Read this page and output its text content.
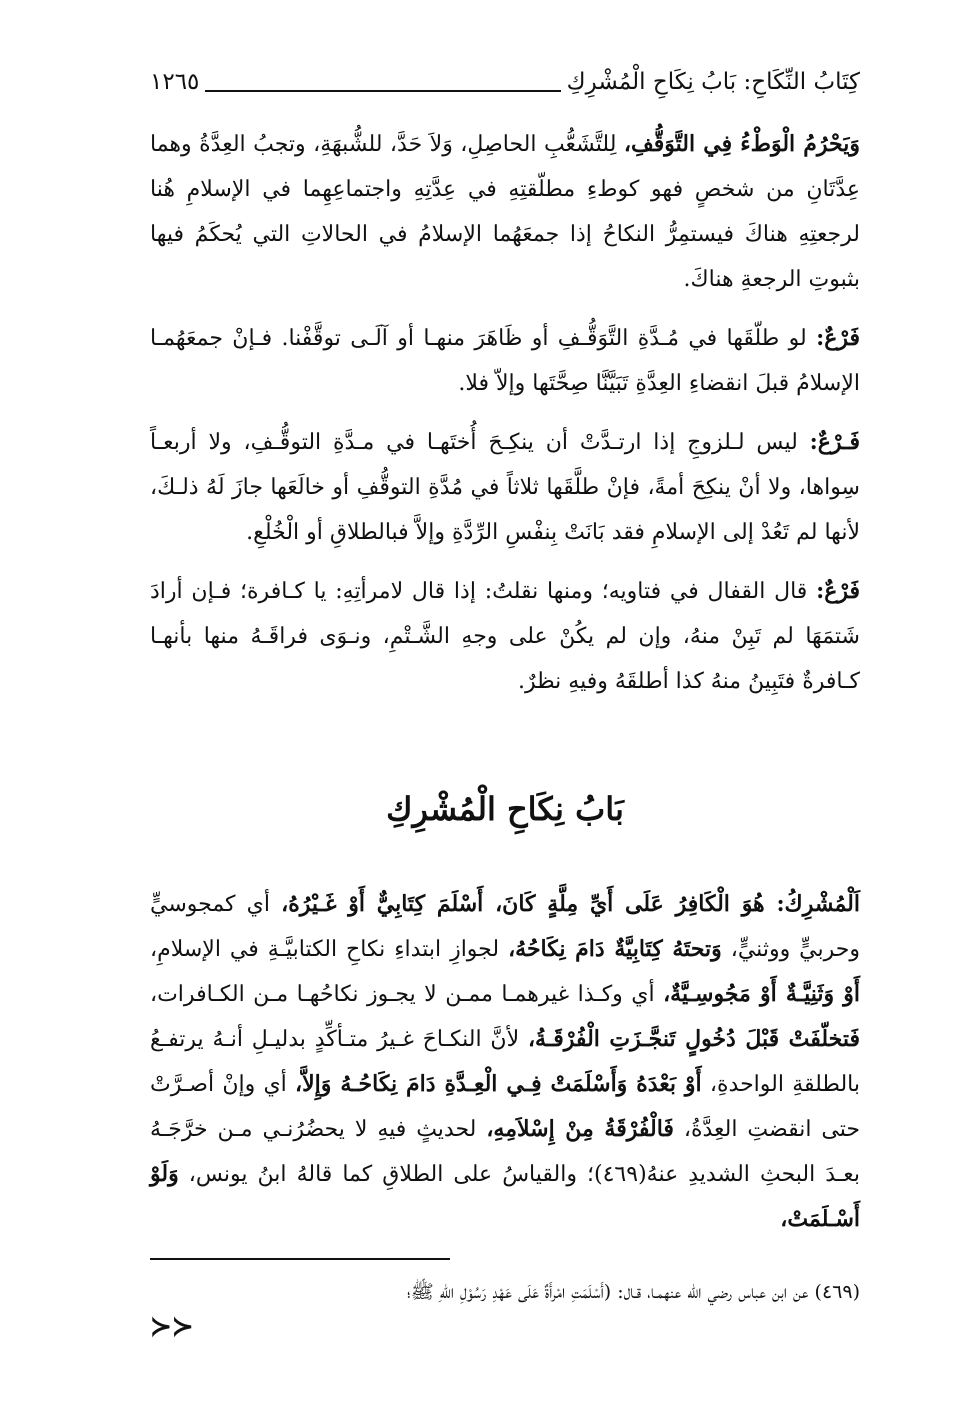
كِتَابُ النِّكَاحِ: بَابُ نِكَاحِ الْمُشْرِكِ
١٢٦٥

وَيَحْرُمُ الْوَطْءُ فِي التَّوَقُّفِ، لِلتَّشَعُّبِ الحاصِلِ، وَلاَ حَدَّ، للشُّبهَةِ، وتجبُ العِدَّةُ وهما عِدَّتَانِ من شخصٍ فهو كوطءِ مطلّقتِهِ في عِدَّتِهِ واجتماعِهِما في الإسلامِ هُنا لرجعتِهِ هناكَ فيستمِرُّ النكاحُ إذا جمعَهُما الإسلامُ في الحالاتِ التي يُحكَمُ فيها بثبوتِ الرجعةِ هناكَ.

فَرْعٌ: لو طلّقَها في مُـدَّةِ التَّوَقُّـفِ أو ظَاهَرَ منهـا أو آلَـى توقَّفْنا. فـإنْ جمعَهُمـا الإسلامُ قبلَ انقضاءِ العِدَّةِ تَبَيَّنَّا صِحَّتَها وإلاّ فلا.

فَـرْعٌ: ليس لـلزوجِ إذا ارتـدَّتْ أن ينكِـحَ أُختَهـا في مـدَّةِ التوقُّـفِ، ولا أربعـاً سِواها، ولا أنْ ينكِحَ أمةً، فإنْ طلَّقَها ثلاثاً في مُدَّةِ التوقُّفِ أو خالَعَها جازَ لَهُ ذلـكَ، لأنها لم تَعُدْ إلى الإسلامِ فقد بَانَتْ بِنفْسِ الرِّدَّةِ وإلاَّ فبالطلاقِ أو الْخُلْعِ.

فَرْعٌ: قال القفال في فتاويه؛ ومنها نقلتُ: إذا قال لامرأتِهِ: يا كـافرة؛ فـإن أرادَ شَتمَهَا لم تَبِنْ منهُ، وإن لم يكُنْ على وجهِ الشَّـتْمِ، ونـوَى فراقَـهُ منها بأنهـا كـافرةٌ فتَبِينُ منهُ كذا أطلقَهُ وفيهِ نظرٌ.

بَابُ نِكَاحِ الْمُشْرِكِ

اَلْمُشْرِكُ: هُوَ الْكَافِرُ عَلَى أَيِّ مِلَّةٍ كَانَ، أَسْلَمَ كِتَابِيٌّ أَوْ غَـيْرُهُ، أي كمجوسيٍّ وحربيٍّ ووثنيٍّ، وَتحتَهُ كِتَابِيَّةٌ دَامَ نِكَاحُهُ، لجوازِ ابتداءِ نكاحِ الكتابيَّـةِ في الإسلامِ، أَوْ وَثَنِيَّـةٌ أَوْ مَجُوسِـيَّةٌ، أي وكـذا غيرهمـا ممـن لا يجـوز نكاحُهـا مـن الكـافرات، فَتخلّفَتْ قَبْلَ دُخُولٍ تَنجَّـزَتِ الْفُرْقَـةُ، لأنَّ النكـاحَ غـيرُ متـأكِّدٍ بدليـلِ أنـهُ يرتفـعُ بالطلقةِ الواحدةِ، أَوْ بَعْدَهُ وَأَسْلَمَتْ فِـي الْعِـدَّةِ دَامَ نِكَاحُـهُ وَإِلاَّ، أي وإنْ أصـرَّتْ حتى انقضتِ العِدَّةُ، فَالْفُرْقَةُ مِنْ إِسْلاَمِهِ، لحديثٍ فيهِ لا يحضُرُنـي مـن خرَّجَـهُ بعـدَ البحثِ الشديدِ عنهُ(٤٦٩)؛ والقياسُ على الطلاقِ كما قالهُ ابنُ يونس، وَلَوْ أَسْـلَمَتْ،

(٤٦٩) عن ابن عباس رضي الله عنهمـا، قـال: (أَسْلَمَتِ امْرأَةٌ عَلَى عَهْدِ رَسُوْلِ اللهِ ﷺ؛
≺≺
